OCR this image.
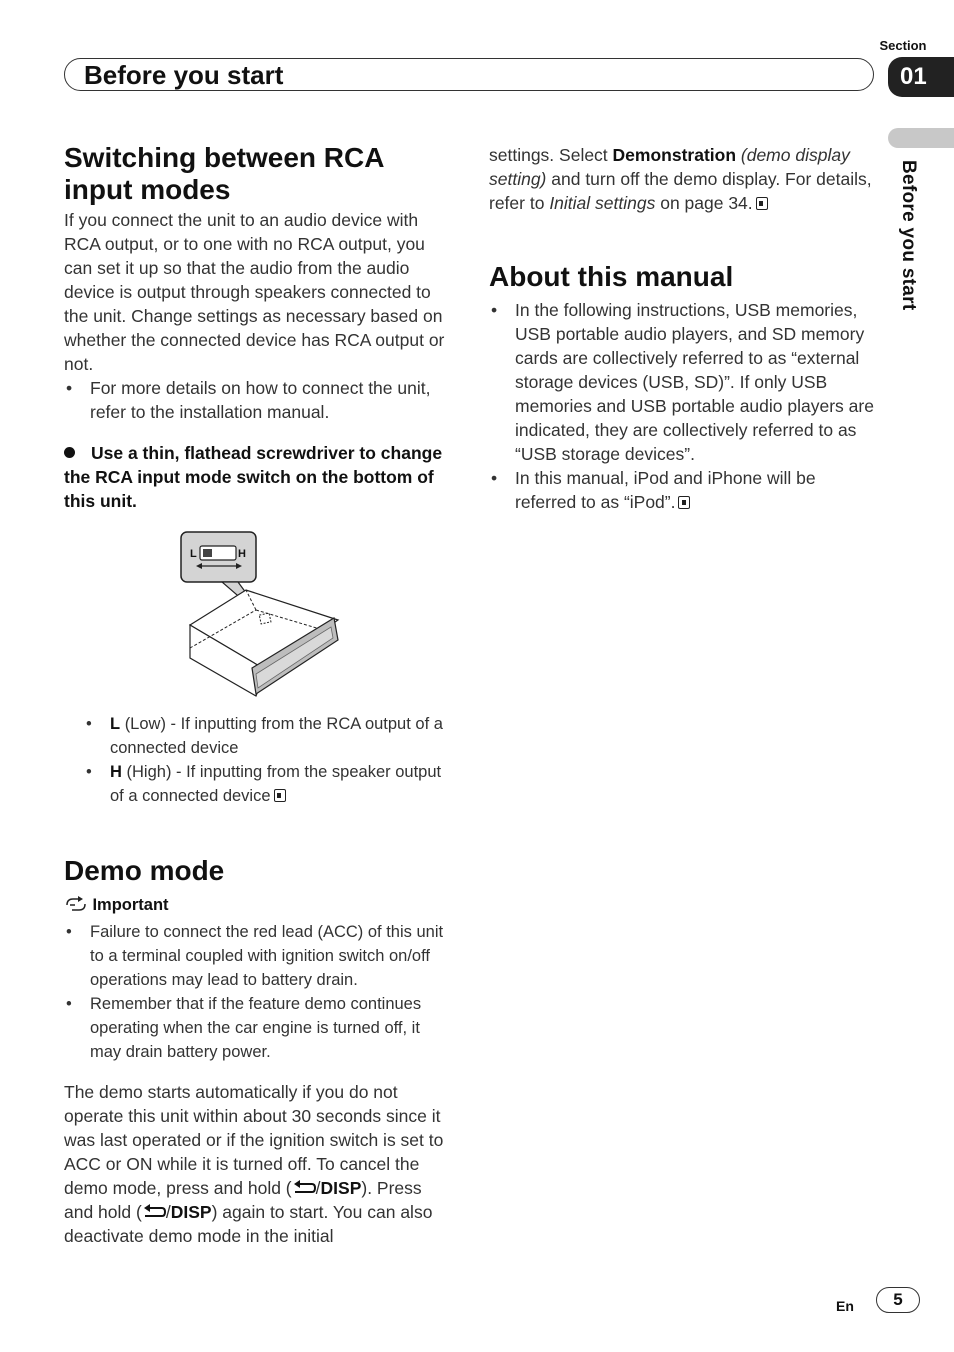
Section
01
Before you start
Before you start
Switching between RCA input modes

If you connect the unit to an audio device with RCA output, or to one with no RCA output, you can set it up so that the audio from the audio device is output through speakers connected to the unit. Change settings as necessary based on whether the connected device has RCA output or not.

• For more details on how to connect the unit, refer to the installation manual.
Use a thin, flathead screwdriver to change the RCA input mode switch on the bottom of this unit.
L	H
• L (Low) - If inputting from the RCA output of a connected device
• H (High) - If inputting from the speaker output of a connected device
Demo mode
Important
• Failure to connect the red lead (ACC) of this unit to a terminal coupled with ignition switch on/off operations may lead to battery drain.
• Remember that if the feature demo continues operating when the car engine is turned off, it may drain battery power.

The demo starts automatically if you do not operate this unit within about 30 seconds since it was last operated or if the ignition switch is set to ACC or ON while it is turned off. To cancel the demo mode, press and hold ( /DISP). Press and hold ( /DISP) again to start. You can also deactivate demo mode in the initial

settings. Select Demonstration (demo display setting) and turn off the demo display. For details, refer to Initial settings on page 34.

About this manual
• In the following instructions, USB memories, USB portable audio players, and SD memory cards are collectively referred to as “external storage devices (USB, SD)”. If only USB memories and USB portable audio players are indicated, they are collectively referred to as “USB storage devices”.
• In this manual, iPod and iPhone will be referred to as “iPod”.
En	5
